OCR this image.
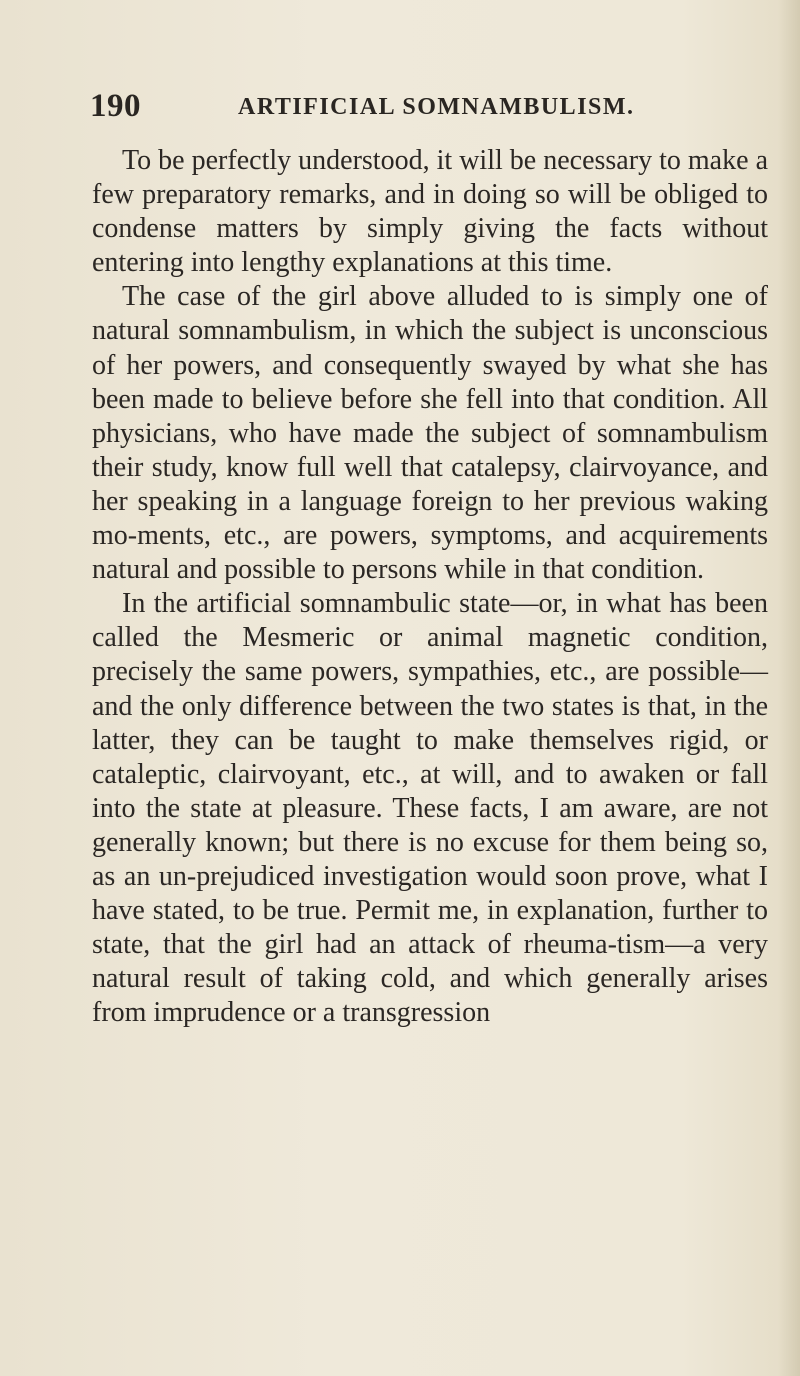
190	ARTIFICIAL SOMNAMBULISM.

To be perfectly understood, it will be necessary to make a few preparatory remarks, and in doing so will be obliged to condense matters by simply giving the facts without entering into lengthy explanations at this time.

The case of the girl above alluded to is simply one of natural somnambulism, in which the subject is unconscious of her powers, and consequently swayed by what she has been made to believe before she fell into that condition. All physicians, who have made the subject of somnambulism their study, know full well that catalepsy, clairvoyance, and her speaking in a language foreign to her previous waking mo-ments, etc., are powers, symptoms, and acquirements natural and possible to persons while in that condition.

In the artificial somnambulic state—or, in what has been called the Mesmeric or animal magnetic condition, precisely the same powers, sympathies, etc., are possible—and the only difference between the two states is that, in the latter, they can be taught to make themselves rigid, or cataleptic, clairvoyant, etc., at will, and to awaken or fall into the state at pleasure. These facts, I am aware, are not generally known; but there is no excuse for them being so, as an un-prejudiced investigation would soon prove, what I have stated, to be true. Permit me, in explanation, further to state, that the girl had an attack of rheuma-tism—a very natural result of taking cold, and which generally arises from imprudence or a transgression
